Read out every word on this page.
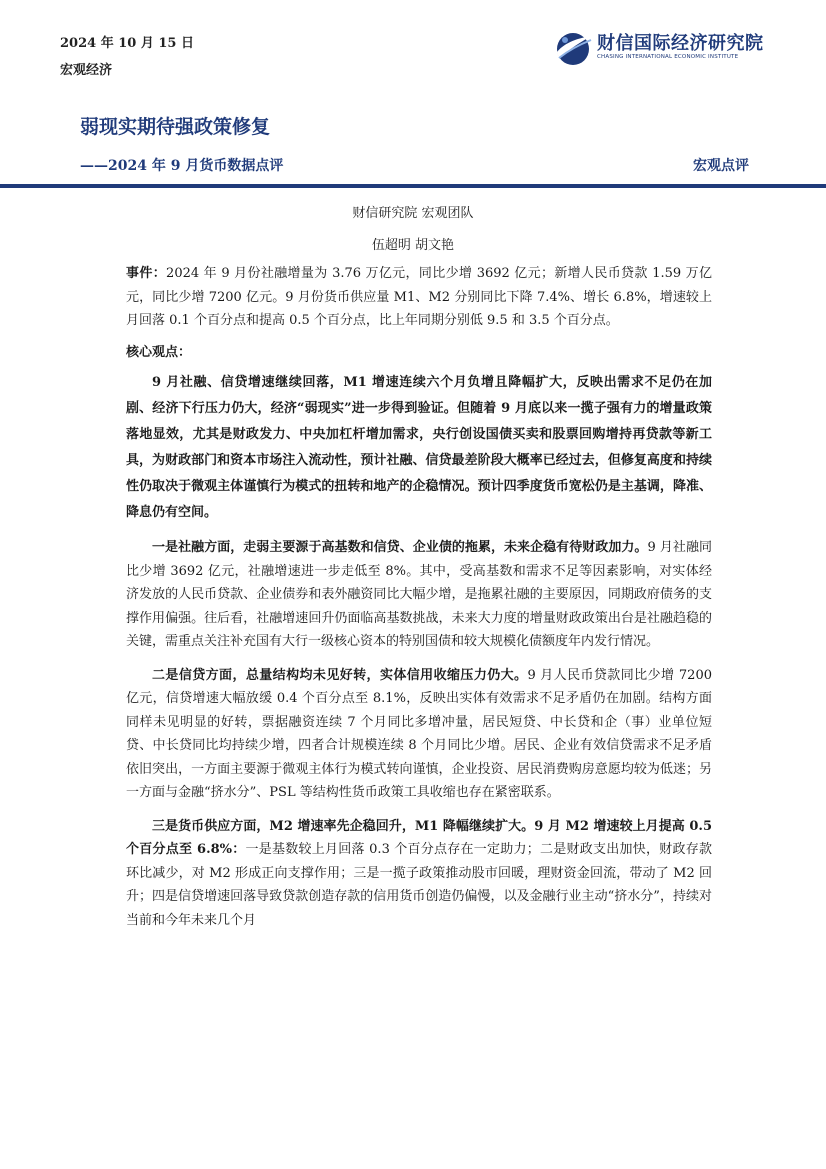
2024 年 10 月 15 日
宏观经济
财信国际经济研究院
CHASING INTERNATIONAL ECONOMIC INSTITUTE
弱现实期待强政策修复
——2024 年 9 月货币数据点评	宏观点评
财信研究院 宏观团队
伍超明 胡文艳

事件：2024 年 9 月份社融增量为 3.76 万亿元，同比少增 3692 亿元；新增人民币贷款 1.59 万亿元，同比少增 7200 亿元。9 月份货币供应量 M1、M2 分别同比下降 7.4%、增长 6.8%，增速较上月回落 0.1 个百分点和提高 0.5 个百分点，比上年同期分别低 9.5 和 3.5 个百分点。

核心观点：

9 月社融、信贷增速继续回落，M1 增速连续六个月负增且降幅扩大，反映出需求不足仍在加剧、经济下行压力仍大，经济“弱现实”进一步得到验证。但随着 9 月底以来一揽子强有力的增量政策落地显效，尤其是财政发力、中央加杠杆增加需求，央行创设国债买卖和股票回购增持再贷款等新工具，为财政部门和资本市场注入流动性，预计社融、信贷最差阶段大概率已经过去，但修复高度和持续性仍取决于微观主体谨慎行为模式的扭转和地产的企稳情况。预计四季度货币宽松仍是主基调，降准、降息仍有空间。

一是社融方面，走弱主要源于高基数和信贷、企业债的拖累，未来企稳有待财政加力。9 月社融同比少增 3692 亿元，社融增速进一步走低至 8%。其中，受高基数和需求不足等因素影响，对实体经济发放的人民币贷款、企业债券和表外融资同比大幅少增，是拖累社融的主要原因，同期政府债务的支撑作用偏强。往后看，社融增速回升仍面临高基数挑战，未来大力度的增量财政政策出台是社融趋稳的关键，需重点关注补充国有大行一级核心资本的特别国债和较大规模化债额度年内发行情况。

二是信贷方面，总量结构均未见好转，实体信用收缩压力仍大。9 月人民币贷款同比少增 7200 亿元，信贷增速大幅放缓 0.4 个百分点至 8.1%，反映出实体有效需求不足矛盾仍在加剧。结构方面同样未见明显的好转，票据融资连续 7 个月同比多增冲量，居民短贷、中长贷和企（事）业单位短贷、中长贷同比均持续少增，四者合计规模连续 8 个月同比少增。居民、企业有效信贷需求不足矛盾依旧突出，一方面主要源于微观主体行为模式转向谨慎，企业投资、居民消费购房意愿均较为低迷；另一方面与金融“挤水分”、PSL 等结构性货币政策工具收缩也存在紧密联系。

三是货币供应方面，M2 增速率先企稳回升，M1 降幅继续扩大。9 月 M2 增速较上月提高 0.5 个百分点至 6.8%：一是基数较上月回落 0.3 个百分点存在一定助力；二是财政支出加快，财政存款环比减少，对 M2 形成正向支撑作用；三是一揽子政策推动股市回暖，理财资金回流，带动了 M2 回升；四是信贷增速回落导致贷款创造存款的信用货币创造仍偏慢，以及金融行业主动“挤水分”，持续对当前和今年未来几个月
